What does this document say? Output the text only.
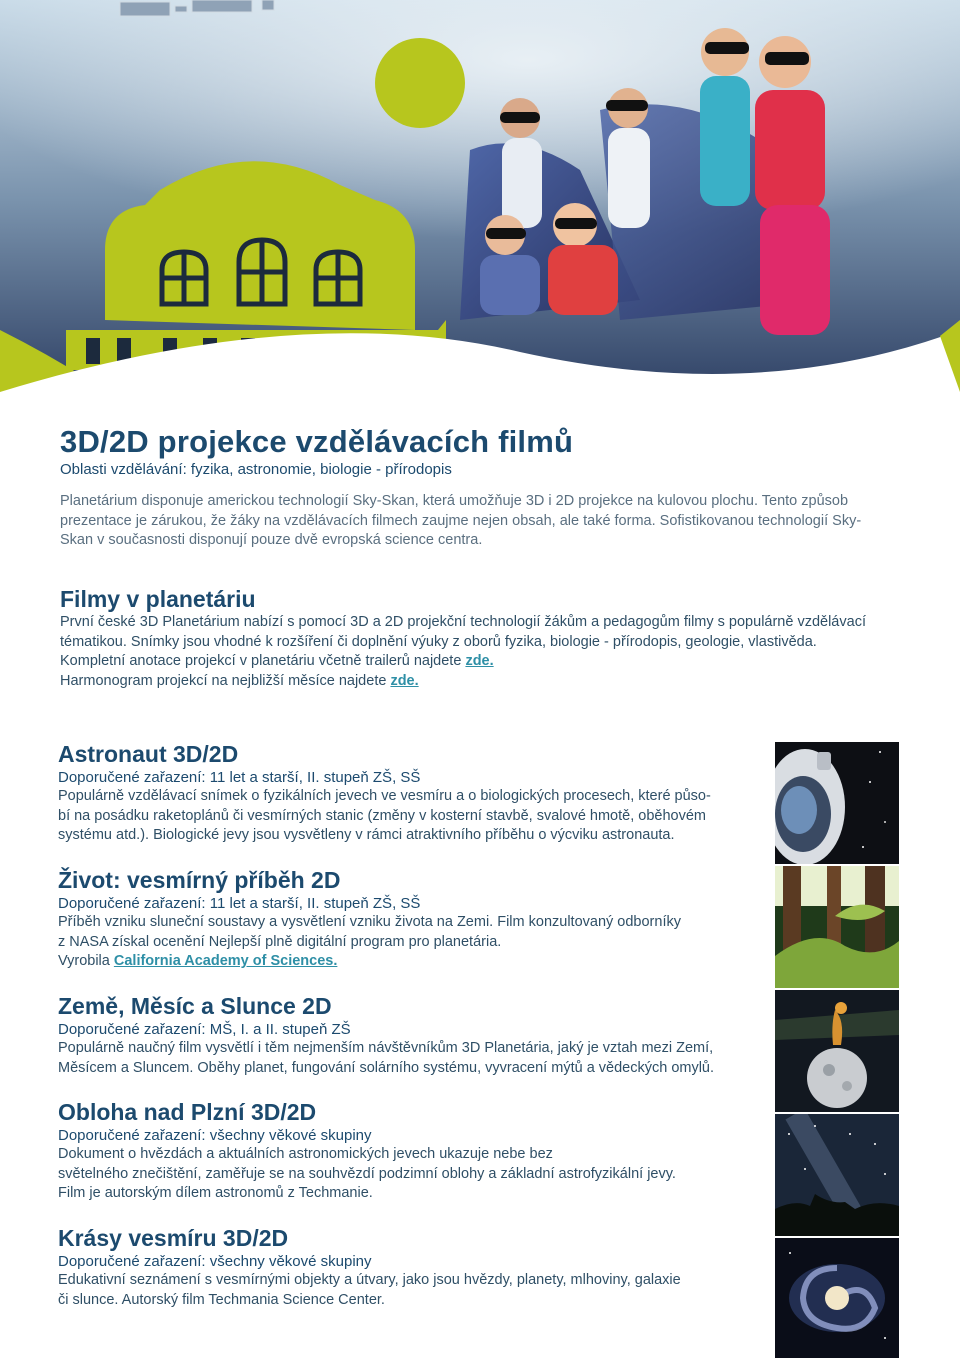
3D/2D projekce vzdělávacích filmů

Oblasti vzdělávání: fyzika, astronomie, biologie - přírodopis

Planetárium disponuje americkou technologií Sky-Skan, která umožňuje 3D i 2D projekce na kulovou plochu. Tento způsob prezentace je zárukou, že žáky na vzdělávacích filmech zaujme nejen obsah, ale také forma. Sofistikovanou technologií Sky-Skan v současnosti disponují pouze dvě evropská science centra.

Filmy v planetáriu

První české 3D Planetárium nabízí s pomocí 3D a 2D projekční technologií žákům a pedagogům filmy s populárně vzdělávací tématikou. Snímky jsou vhodné k rozšíření či doplnění výuky z oborů fyzika, biologie - přírodopis, geologie, vlastivěda.

Kompletní anotace projekcí v planetáriu včetně trailerů najdete zde.

Harmonogram projekcí na nejbližší měsíce najdete zde.

Astronaut 3D/2D

Doporučené zařazení: 11 let a starší, II. stupeň ZŠ, SŠ

Populárně vzdělávací snímek o fyzikálních jevech ve vesmíru a o biologických procesech, které půso-

bí na posádku raketoplánů či vesmírných stanic (změny v kosterní stavbě, svalové hmotě, oběhovém

systému atd.). Biologické jevy jsou vysvětleny v rámci atraktivního příběhu o výcviku astronauta.

Život: vesmírný příběh 2D

Doporučené zařazení: 11 let a starší, II. stupeň ZŠ, SŠ

Příběh vzniku sluneční soustavy a vysvětlení vzniku života na Zemi. Film konzultovaný odborníky

z NASA získal ocenění Nejlepší plně digitální program pro planetária.

Vyrobila California Academy of Sciences.

Země, Měsíc a Slunce 2D

Doporučené zařazení: MŠ, I. a II. stupeň ZŠ

Populárně naučný film vysvětlí i těm nejmenším návštěvníkům 3D Planetária, jaký je vztah mezi Zemí,

Měsícem a Sluncem. Oběhy planet, fungování solárního systému, vyvracení mýtů a vědeckých omylů.

Obloha nad Plzní 3D/2D

Doporučené zařazení: všechny věkové skupiny

Dokument o hvězdách a aktuálních astronomických jevech ukazuje nebe bez

světelného znečištění, zaměřuje se na souhvězdí podzimní oblohy a základní astrofyzikální jevy.

Film je autorským dílem astronomů z Techmanie.

Krásy vesmíru 3D/2D

Doporučené zařazení: všechny věkové skupiny

Edukativní seznámení s vesmírnými objekty a útvary, jako jsou hvězdy, planety, mlhoviny, galaxie

či slunce. Autorský film Techmania Science Center.
